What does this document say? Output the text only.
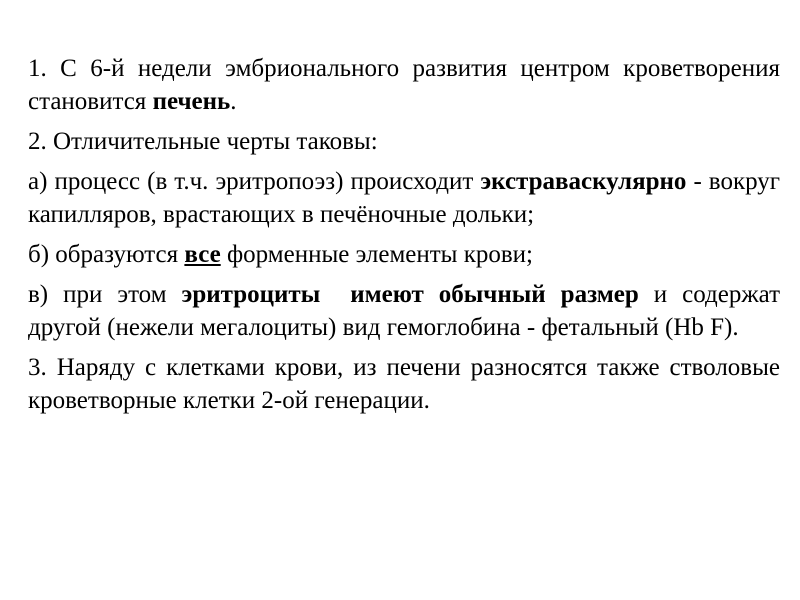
1. С 6-й недели эмбрионального развития центром кроветворения становится печень.

2. Отличительные черты таковы:

а) процесс (в т.ч. эритропоэз) происходит экстраваскулярно - вокруг капилляров, врастающих в печёночные дольки;

б) образуются все форменные элементы крови;

в) при этом эритроциты  имеют обычный размер и содержат другой (нежели мегалоциты) вид гемоглобина - фетальный (Hb F).

3. Наряду с клетками крови, из печени разносятся также стволовые кроветворные клетки 2-ой генерации.
